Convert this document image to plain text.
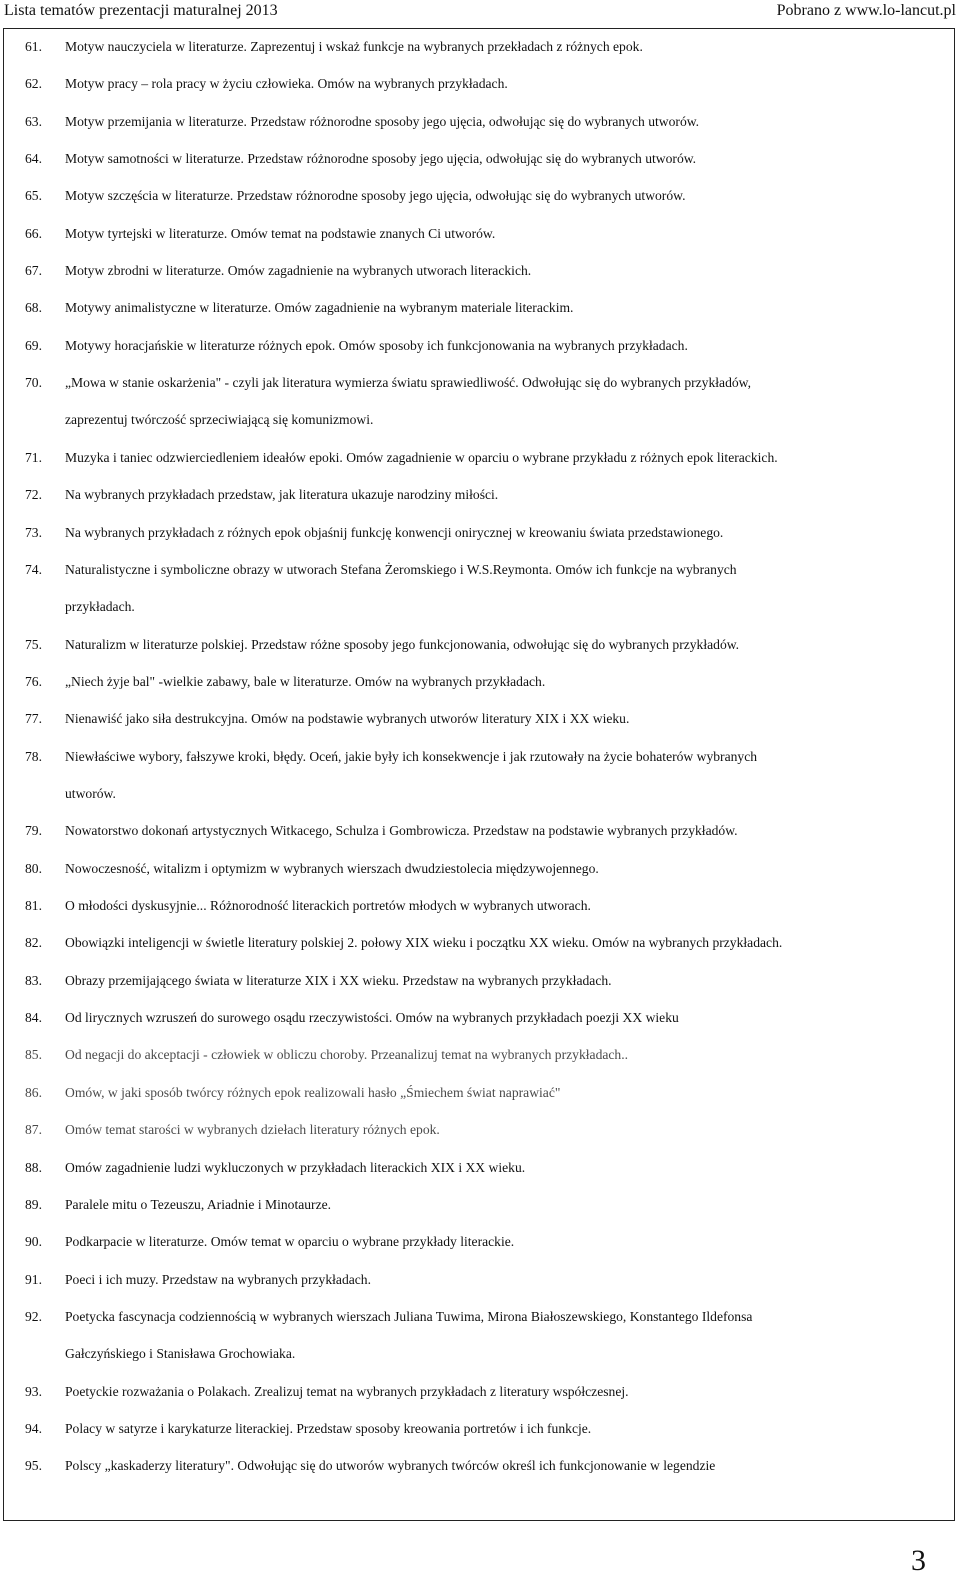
Lista tematów prezentacji maturalnej 2013	Pobrano z www.lo-lancut.pl
61.	Motyw nauczyciela w literaturze. Zaprezentuj i wskaż funkcje na wybranych przekładach z różnych epok.
62.	Motyw pracy – rola pracy w życiu człowieka. Omów na wybranych przykładach.
63.	Motyw przemijania w literaturze. Przedstaw różnorodne sposoby jego ujęcia, odwołując się do wybranych utworów.
64.	Motyw samotności w literaturze. Przedstaw różnorodne sposoby jego ujęcia, odwołując się do wybranych utworów.
65.	Motyw szczęścia w literaturze. Przedstaw różnorodne sposoby jego ujęcia, odwołując się do wybranych utworów.
66.	Motyw tyrtejski w literaturze. Omów temat na podstawie znanych Ci utworów.
67.	Motyw zbrodni w literaturze. Omów zagadnienie na wybranych utworach literackich.
68.	Motywy animalistyczne w literaturze. Omów zagadnienie na wybranym materiale literackim.
69.	Motywy horacjańskie w literaturze różnych epok. Omów sposoby ich funkcjonowania na wybranych przykładach.
70.	„Mowa w stanie oskarżenia" - czyli jak literatura wymierza światu sprawiedliwość. Odwołując się do wybranych przykładów,
zaprezentuj twórczość sprzeciwiającą się komunizmowi.
71.	Muzyka i taniec odzwierciedleniem ideałów epoki. Omów zagadnienie w oparciu o wybrane przykładu z różnych epok literackich.
72.	Na wybranych przykładach przedstaw, jak literatura ukazuje narodziny miłości.
73.	Na wybranych przykładach z różnych epok objaśnij funkcję konwencji onirycznej w kreowaniu świata przedstawionego.
74.	Naturalistyczne i symboliczne obrazy w utworach Stefana Żeromskiego i W.S.Reymonta. Omów ich funkcje na wybranych
przykładach.
75.	Naturalizm w literaturze polskiej. Przedstaw różne sposoby jego funkcjonowania, odwołując się do wybranych przykładów.
76.	„Niech żyje bal" -wielkie zabawy, bale w literaturze. Omów na wybranych przykładach.
77.	Nienawiść jako siła destrukcyjna. Omów na podstawie wybranych utworów literatury XIX i XX wieku.
78.	Niewłaściwe wybory, fałszywe kroki, błędy. Oceń, jakie były ich konsekwencje i jak rzutowały na życie bohaterów wybranych
utworów.
79.	Nowatorstwo dokonań artystycznych Witkacego, Schulza i Gombrowicza. Przedstaw na podstawie wybranych przykładów.
80.	Nowoczesność, witalizm i optymizm w wybranych wierszach dwudziestolecia międzywojennego.
81.	O młodości dyskusyjnie... Różnorodność literackich portretów młodych w wybranych utworach.
82.	Obowiązki inteligencji w świetle literatury polskiej 2. połowy XIX wieku i początku XX wieku. Omów na wybranych przykładach.
83.	Obrazy przemijającego świata w literaturze XIX i XX wieku. Przedstaw na wybranych przykładach.
84.	Od lirycznych wzruszeń do surowego osądu rzeczywistości. Omów na wybranych przykładach poezji XX wieku
85.	Od negacji do akceptacji - człowiek w obliczu choroby. Przeanalizuj temat na wybranych przykładach..
86.	Omów, w jaki sposób twórcy różnych epok realizowali hasło „Śmiechem świat naprawiać"
87.	Omów temat starości w wybranych dziełach literatury różnych epok.
88.	Omów zagadnienie ludzi wykluczonych w przykładach literackich XIX i XX wieku.
89.	Paralele mitu o Tezeuszu, Ariadnie i Minotaurze.
90.	Podkarpacie w literaturze. Omów temat w oparciu o wybrane przykłady literackie.
91.	Poeci i ich muzy. Przedstaw na wybranych przykładach.
92.	Poetycka fascynacja codziennością w wybranych wierszach Juliana Tuwima, Mirona Białoszewskiego, Konstantego Ildefonsa
Gałczyńskiego i Stanisława Grochowiaka.
93.	Poetyckie rozważania o Polakach. Zrealizuj temat na wybranych przykładach z literatury współczesnej.
94.	Polacy w satyrze i karykaturze literackiej. Przedstaw sposoby kreowania portretów i ich funkcje.
95.	Polscy „kaskaderzy literatury". Odwołując się do utworów wybranych twórców określ ich funkcjonowanie w legendzie
3
